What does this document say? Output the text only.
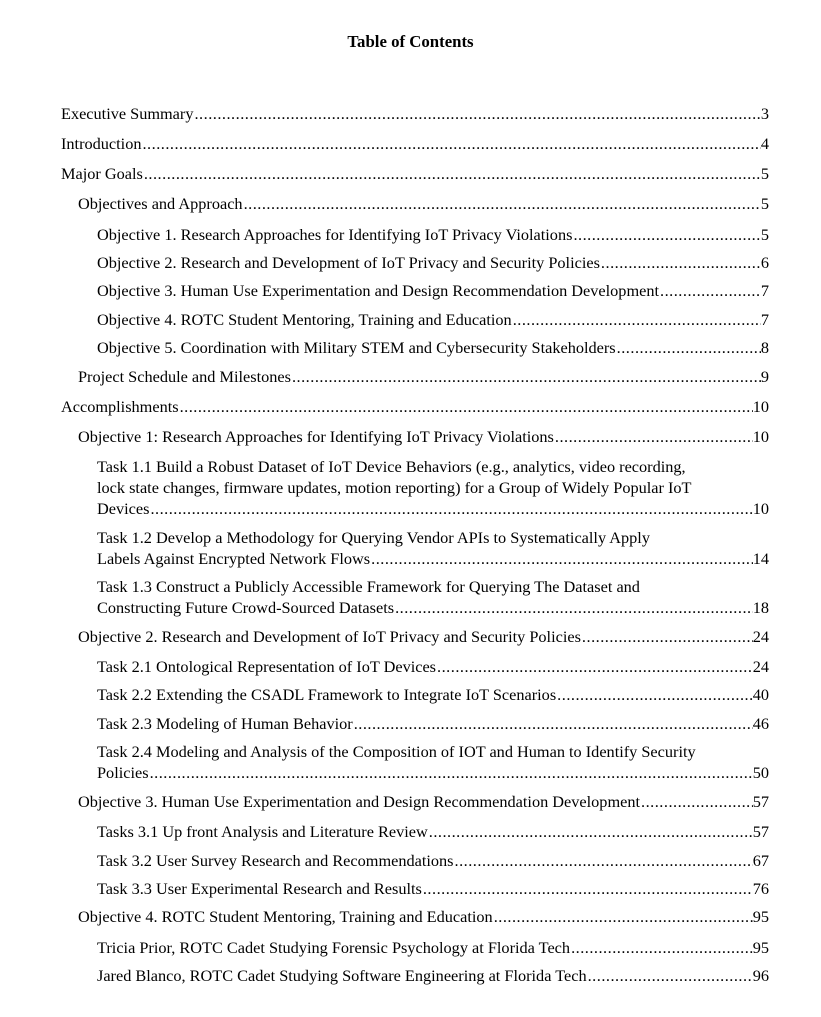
Table of Contents
Executive Summary .....	3
Introduction .....	4
Major Goals .....	5
Objectives and Approach .....	5
Objective 1. Research Approaches for Identifying IoT Privacy Violations .....	5
Objective 2. Research and Development of IoT Privacy and Security Policies .....	6
Objective 3. Human Use Experimentation and Design Recommendation Development .....	7
Objective 4. ROTC Student Mentoring, Training and Education .....	7
Objective 5. Coordination with Military STEM and Cybersecurity Stakeholders .....	8
Project Schedule and Milestones .....	9
Accomplishments .....	10
Objective 1: Research Approaches for Identifying IoT Privacy Violations .....	10
Task 1.1 Build a Robust Dataset of IoT Device Behaviors (e.g., analytics, video recording,
lock state changes, firmware updates, motion reporting) for a Group of Widely Popular IoT
Devices .....	10
Task 1.2 Develop a Methodology for Querying Vendor APIs to Systematically Apply
Labels Against Encrypted Network Flows .....	14
Task 1.3 Construct a Publicly Accessible Framework for Querying The Dataset and
Constructing Future Crowd-Sourced Datasets .....	18
Objective 2. Research and Development of IoT Privacy and Security Policies .....	24
Task 2.1 Ontological Representation of IoT Devices .....	24
Task 2.2 Extending the CSADL Framework to Integrate IoT Scenarios .....	40
Task 2.3 Modeling of Human Behavior .....	46
Task 2.4 Modeling and Analysis of the Composition of IOT and Human to Identify Security
Policies .....	50
Objective 3. Human Use Experimentation and Design Recommendation Development .....	57
Tasks 3.1 Up front Analysis and Literature Review .....	57
Task 3.2 User Survey Research and Recommendations .....	67
Task 3.3 User Experimental Research and Results .....	76
Objective 4. ROTC Student Mentoring, Training and Education .....	95
Tricia Prior, ROTC Cadet Studying Forensic Psychology at Florida Tech .....	95
Jared Blanco, ROTC Cadet Studying Software Engineering at Florida Tech .....	96
